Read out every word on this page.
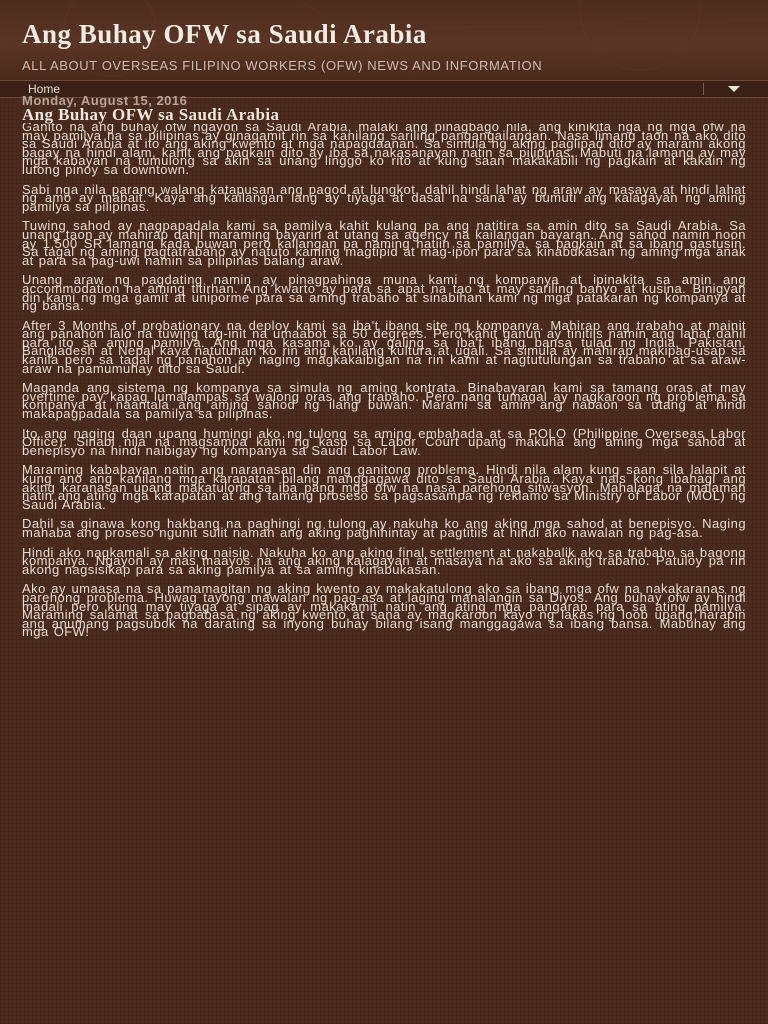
Ang Buhay OFW sa Saudi Arabia

ALL ABOUT OVERSEAS FILIPINO WORKERS (OFW) NEWS AND INFORMATION

Home
Monday, August 15, 2016
Ang Buhay OFW sa Saudi Arabia

Ganito na ang buhay ofw ngayon sa Saudi Arabia, malaki ang pinagbago nila, ang kinikita nga ng mga ofw na may pamilya na sa pilipinas ay ginagamit rin sa kanilang sariling pangangailangan. Nasa limang taon na ako dito sa Saudi Arabia at ito ang aking kwento at mga napagdaanan. Sa simula ng aking paglipad dito ay marami akong bagay na hindi alam, kahit ang pagkain dito ay iba sa nakasanayan natin sa pilipinas. Mabuti na lamang ay may mga kabayan na tumulong sa akin sa unang linggo ko rito at kung saan makakabili ng pagkain at kakain ng lutong pinoy sa downtown.

Sabi nga nila parang walang katapusan ang pagod at lungkot, dahil hindi lahat ng araw ay masaya at hindi lahat ng amo ay mabait. Kaya ang kailangan lang ay tiyaga at dasal na sana ay bumuti ang kalagayan ng aming pamilya sa pilipinas.

Tuwing sahod ay nagpapadala kami sa pamilya kahit kulang pa ang natitira sa amin dito sa Saudi Arabia. Sa unang taon ay mahirap dahil maraming bayarin at utang sa agency na kailangan bayaran. Ang sahod namin noon ay 1,500 SR lamang kada buwan pero kailangan pa naming hatiin sa pamilya, sa pagkain at sa ibang gastusin. Sa tagal ng aming pagtatrabaho ay natuto kaming magtipid at mag-ipon para sa kinabukasan ng aming mga anak at para sa pag-uwi namin sa pilipinas balang araw.

Unang araw ng pagdating namin ay pinagpahinga muna kami ng kompanya at ipinakita sa amin ang accommodation na aming titirhan. Ang kwarto ay para sa apat na tao at may sariling banyo at kusina. Binigyan din kami ng mga gamit at uniporme para sa aming trabaho at sinabihan kami ng mga patakaran ng kompanya at ng bansa.

After 3 Months of probationary na deploy kami sa iba't ibang site ng kompanya. Mahirap ang trabaho at mainit ang panahon lalo na tuwing tag-init na umaabot sa 50 degrees. Pero kahit ganun ay tinitiis namin ang lahat dahil para ito sa aming pamilya. Ang mga kasama ko ay galing sa iba't ibang bansa tulad ng India, Pakistan, Bangladesh at Nepal kaya natutunan ko rin ang kanilang kultura at ugali. Sa simula ay mahirap makipag-usap sa kanila pero sa tagal ng panahon ay naging magkakaibigan na rin kami at nagtutulungan sa trabaho at sa araw-araw na pamumuhay dito sa Saudi.

Maganda ang sistema ng kompanya sa simula ng aming kontrata. Binabayaran kami sa tamang oras at may overtime pay kapag lumalampas sa walong oras ang trabaho. Pero nang tumagal ay nagkaroon ng problema sa kompanya at naantala ang aming sahod ng ilang buwan. Marami sa amin ang nabaon sa utang at hindi makapagpadala sa pamilya sa pilipinas.

Ito ang naging daan upang humingi ako ng tulong sa aming embahada at sa POLO (Philippine Overseas Labor Office). Sinabi nila na magsampa kami ng kaso sa Labor Court upang makuha ang aming mga sahod at benepisyo na hindi naibigay ng kompanya sa Saudi Labor Law.

Maraming kababayan natin ang naranasan din ang ganitong problema. Hindi nila alam kung saan sila lalapit at kung ano ang kanilang mga karapatan bilang manggagawa dito sa Saudi Arabia. Kaya nais kong ibahagi ang aking karanasan upang makatulong sa iba pang mga ofw na nasa parehong sitwasyon. Mahalaga na malaman natin ang ating mga karapatan at ang tamang proseso sa pagsasampa ng reklamo sa Ministry of Labor (MOL) ng Saudi Arabia.

Dahil sa ginawa kong hakbang na paghingi ng tulong ay nakuha ko ang aking mga sahod at benepisyo. Naging mahaba ang proseso ngunit sulit naman ang aking paghihintay at pagtitiis at hindi ako nawalan ng pag-asa.

Hindi ako nagkamali sa aking naisip. Nakuha ko ang aking final settlement at nakabalik ako sa trabaho sa bagong kompanya. Ngayon ay mas maayos na ang aking kalagayan at masaya na ako sa aking trabaho. Patuloy pa rin akong nagsisikap para sa aking pamilya at sa aming kinabukasan.

Ako ay umaasa na sa pamamagitan ng aking kwento ay makakatulong ako sa ibang mga ofw na nakakaranas ng parehong problema. Huwag tayong mawalan ng pag-asa at laging manalangin sa Diyos. Ang buhay ofw ay hindi madali pero kung may tiyaga at sipag ay makakamit natin ang ating mga pangarap para sa ating pamilya. Maraming salamat sa pagbabasa ng aking kwento at sana ay magkaroon kayo ng lakas ng loob upang harapin ang anumang pagsubok na darating sa inyong buhay bilang isang manggagawa sa ibang bansa. Mabuhay ang mga OFW!
